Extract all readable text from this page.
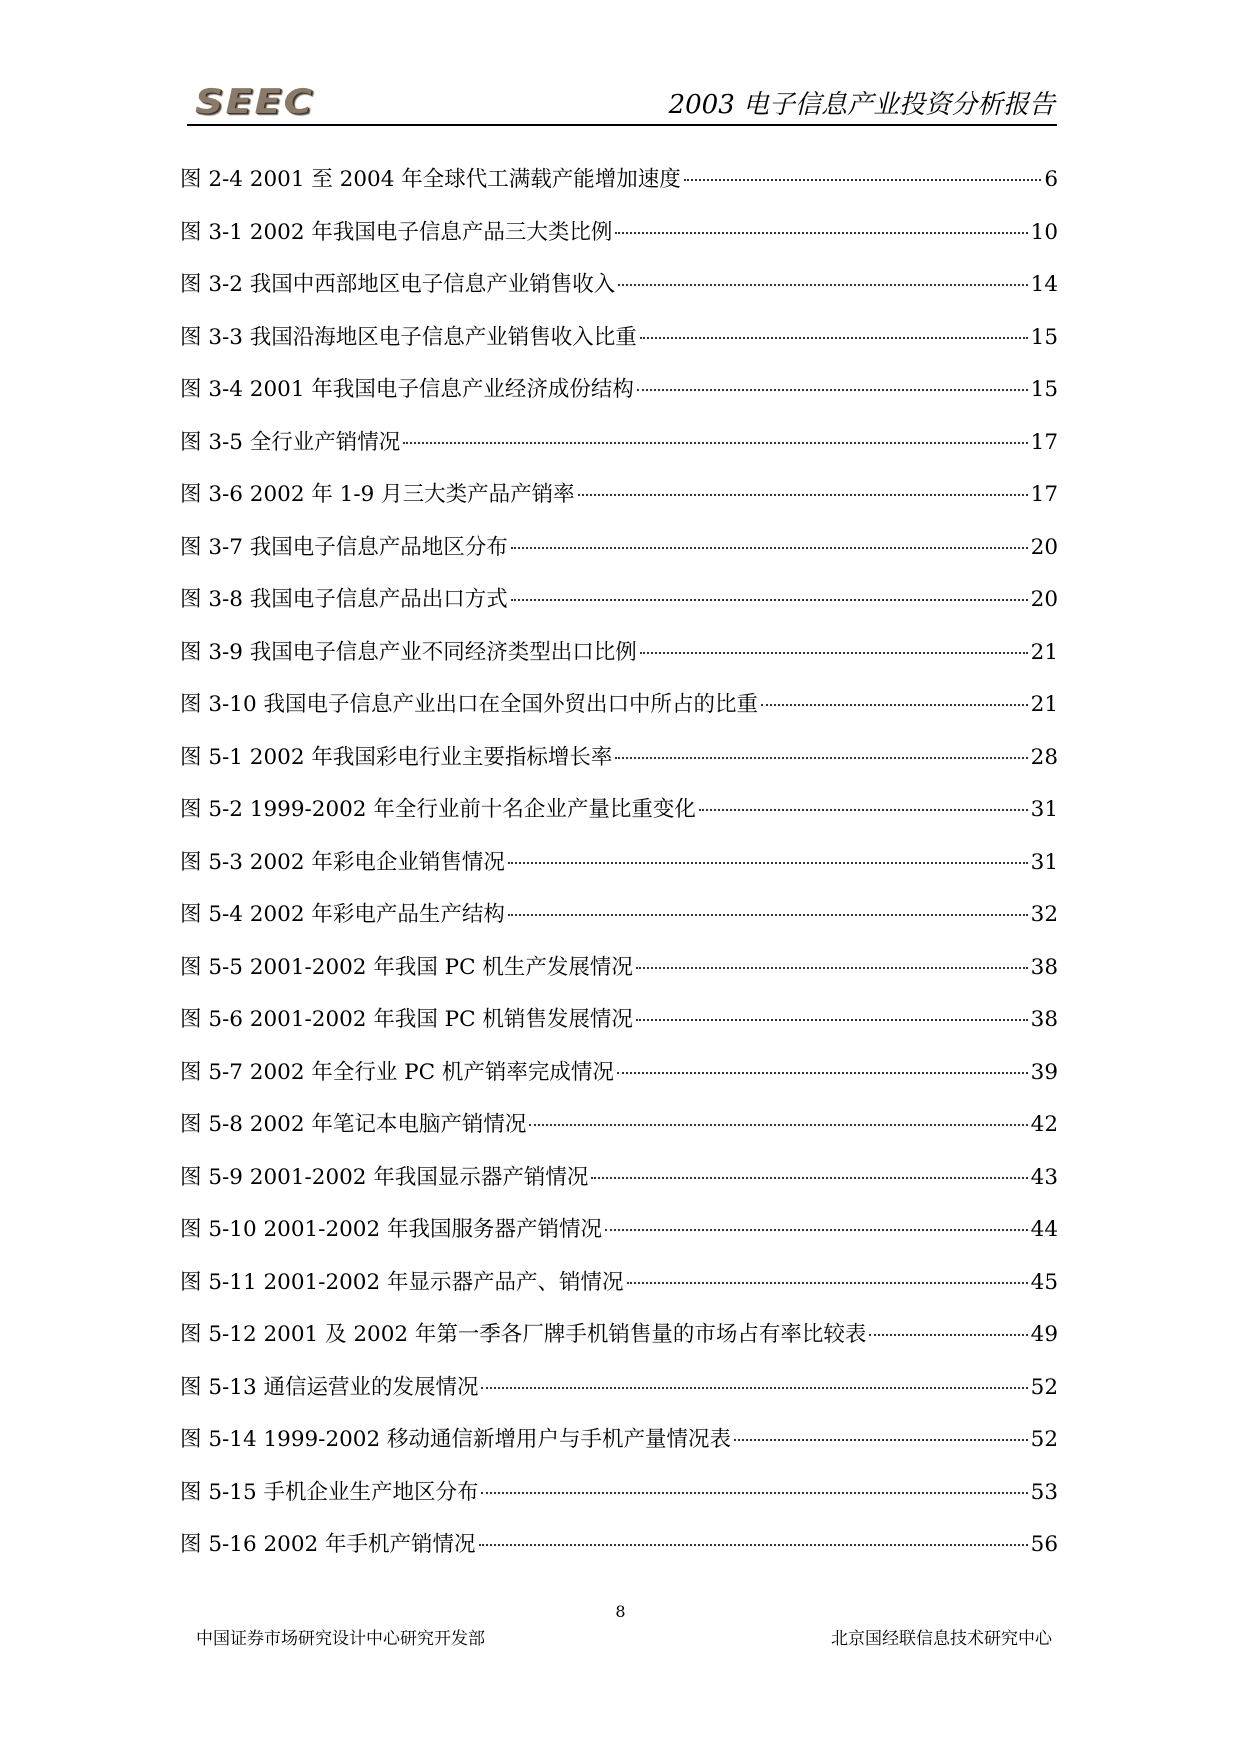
SEEC	2003 电子信息产业投资分析报告
图 2-4 2001 至 2004 年全球代工满载产能增加速度	6
图 3-1 2002 年我国电子信息产品三大类比例	10
图 3-2 我国中西部地区电子信息产业销售收入	14
图 3-3 我国沿海地区电子信息产业销售收入比重	15
图 3-4 2001 年我国电子信息产业经济成份结构	15
图 3-5 全行业产销情况	17
图 3-6 2002 年 1-9 月三大类产品产销率	17
图 3-7 我国电子信息产品地区分布	20
图 3-8 我国电子信息产品出口方式	20
图 3-9 我国电子信息产业不同经济类型出口比例	21
图 3-10 我国电子信息产业出口在全国外贸出口中所占的比重	21
图 5-1 2002 年我国彩电行业主要指标增长率	28
图 5-2 1999-2002 年全行业前十名企业产量比重变化	31
图 5-3 2002 年彩电企业销售情况	31
图 5-4 2002 年彩电产品生产结构	32
图 5-5 2001-2002 年我国 PC 机生产发展情况	38
图 5-6 2001-2002 年我国 PC 机销售发展情况	38
图 5-7 2002 年全行业 PC 机产销率完成情况	39
图 5-8 2002 年笔记本电脑产销情况	42
图 5-9 2001-2002 年我国显示器产销情况	43
图 5-10 2001-2002 年我国服务器产销情况	44
图 5-11 2001-2002 年显示器产品产、销情况	45
图 5-12 2001 及 2002 年第一季各厂牌手机销售量的市场占有率比较表	49
图 5-13 通信运营业的发展情况	52
图 5-14 1999-2002 移动通信新增用户与手机产量情况表	52
图 5-15 手机企业生产地区分布	53
图 5-16 2002 年手机产销情况	56
8
中国证券市场研究设计中心研究开发部	北京国经联信息技术研究中心
